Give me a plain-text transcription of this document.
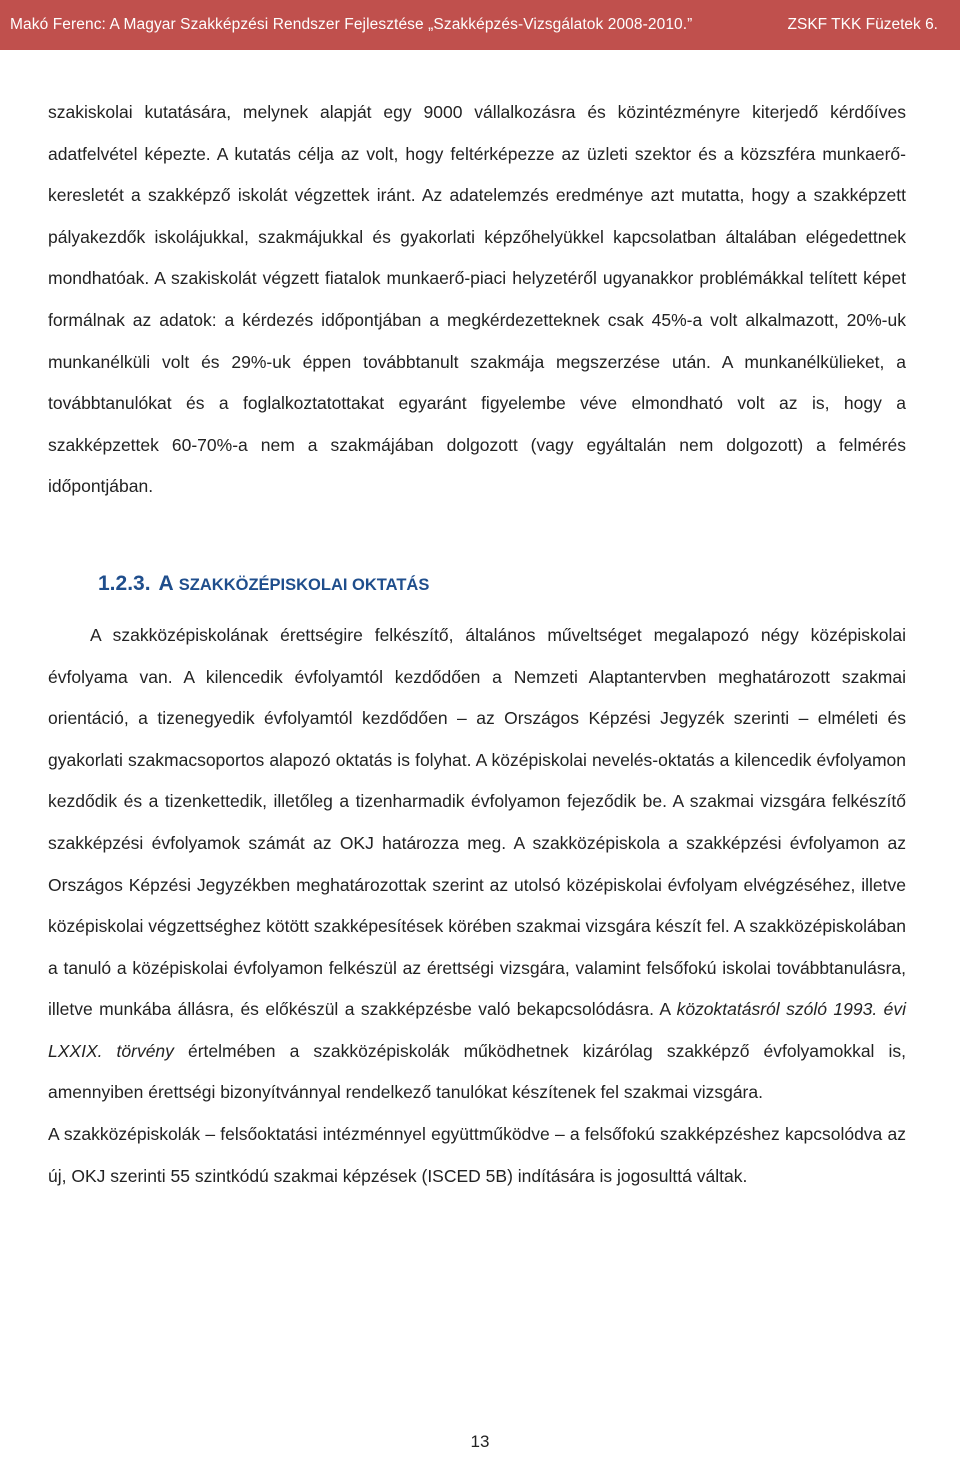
Makó Ferenc: A Magyar Szakképzési Rendszer Fejlesztése „Szakképzés-Vizsgálatok 2008-2010.”	ZSKF TKK Füzetek 6.

szakiskolai kutatására, melynek alapját egy 9000 vállalkozásra és közintézményre kiterjedő kérdőíves adatfelvétel képezte. A kutatás célja az volt, hogy feltérképezze az üzleti szektor és a közszféra munkaerő-keresletét a szakképző iskolát végzettek iránt. Az adatelemzés eredménye azt mutatta, hogy a szakképzett pályakezdők iskolájukkal, szakmájukkal és gyakorlati képzőhelyükkel kapcsolatban általában elégedettnek mondhatóak. A szakiskolát végzett fiatalok munkaerő-piaci helyzetéről ugyanakkor problémákkal telített képet formálnak az adatok: a kérdezés időpontjában a megkérdezetteknek csak 45%-a volt alkalmazott, 20%-uk munkanélküli volt és 29%-uk éppen továbbtanult szakmája megszerzése után. A munkanélkülieket, a továbbtanulókat és a foglalkoztatottakat egyaránt figyelembe véve elmondható volt az is, hogy a szakképzettek 60-70%-a nem a szakmájában dolgozott (vagy egyáltalán nem dolgozott) a felmérés időpontjában.

1.2.3. A SZAKKÖZÉPISKOLAI OKTATÁS

A szakközépiskolának érettségire felkészítő, általános műveltséget megalapozó négy középiskolai évfolyama van. A kilencedik évfolyamtól kezdődően a Nemzeti Alaptantervben meghatározott szakmai orientáció, a tizenegyedik évfolyamtól kezdődően – az Országos Képzési Jegyzék szerinti – elméleti és gyakorlati szakmacsoportos alapozó oktatás is folyhat. A középiskolai nevelés-oktatás a kilencedik évfolyamon kezdődik és a tizenkettedik, illetőleg a tizenharmadik évfolyamon fejeződik be. A szakmai vizsgára felkészítő szakképzési évfolyamok számát az OKJ határozza meg. A szakközépiskola a szakképzési évfolyamon az Országos Képzési Jegyzékben meghatározottak szerint az utolsó középiskolai évfolyam elvégzéséhez, illetve középiskolai végzettséghez kötött szakképesítések körében szakmai vizsgára készít fel. A szakközépiskolában a tanuló a középiskolai évfolyamon felkészül az érettségi vizsgára, valamint felsőfokú iskolai továbbtanulásra, illetve munkába állásra, és előkészül a szakképzésbe való bekapcsolódásra. A közoktatásról szóló 1993. évi LXXIX. törvény értelmében a szakközépiskolák működhetnek kizárólag szakképző évfolyamokkal is, amennyiben érettségi bizonyítvánnyal rendelkező tanulókat készítenek fel szakmai vizsgára.

A szakközépiskolák – felsőoktatási intézménnyel együttműködve – a felsőfokú szakképzéshez kapcsolódva az új, OKJ szerinti 55 szintkódú szakmai képzések (ISCED 5B) indítására is jogosulttá váltak.

13
